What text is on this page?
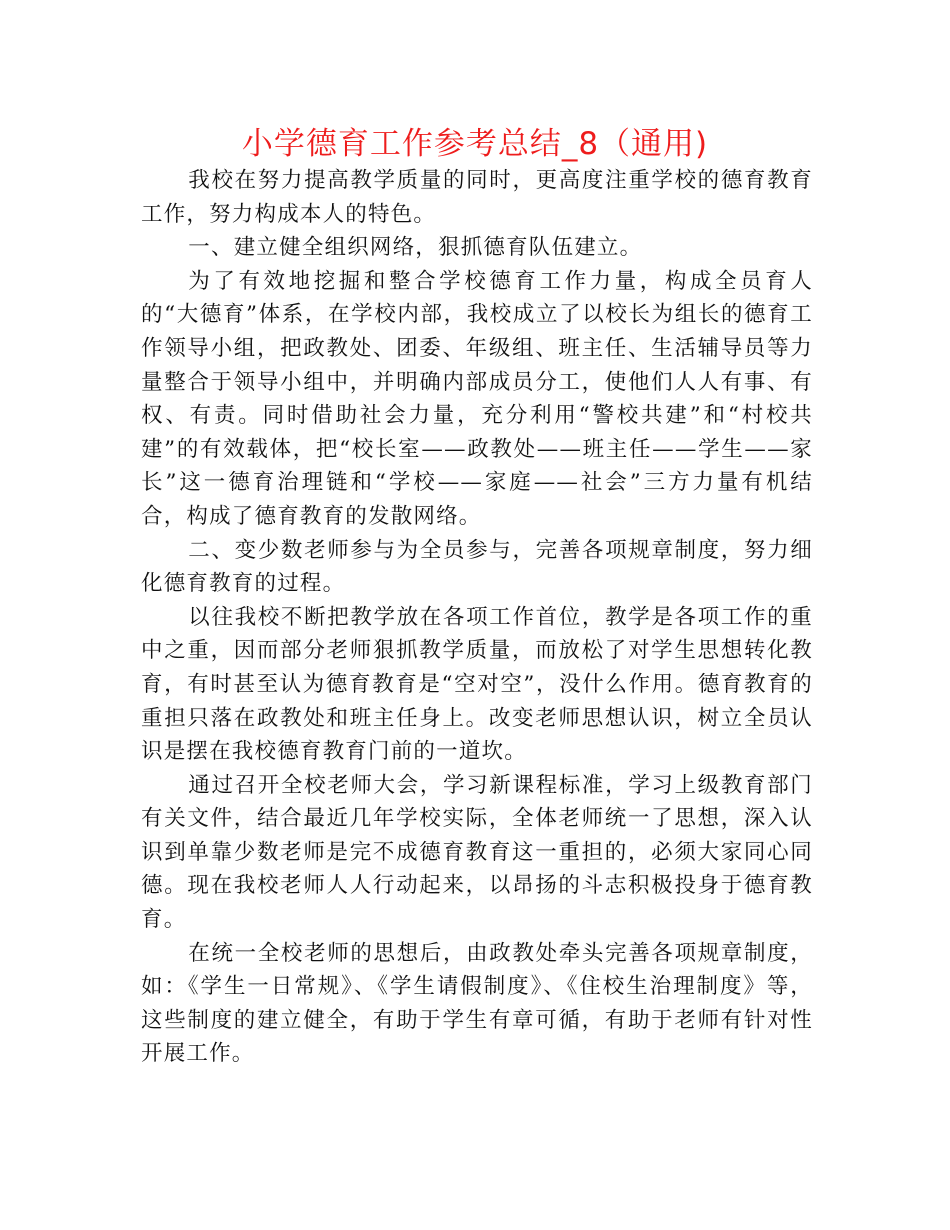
小学德育工作参考总结_8（通用)

我校在努力提高教学质量的同时，更高度注重学校的德育教育工作，努力构成本人的特色。

一、建立健全组织网络，狠抓德育队伍建立。

为了有效地挖掘和整合学校德育工作力量，构成全员育人的“大德育”体系，在学校内部，我校成立了以校长为组长的德育工作领导小组，把政教处、团委、年级组、班主任、生活辅导员等力量整合于领导小组中，并明确内部成员分工，使他们人人有事、有权、有责。同时借助社会力量，充分利用“警校共建”和“村校共建”的有效载体，把“校长室——政教处——班主任——学生——家长”这一德育治理链和“学校——家庭——社会”三方力量有机结合，构成了德育教育的发散网络。

二、变少数老师参与为全员参与，完善各项规章制度，努力细化德育教育的过程。

以往我校不断把教学放在各项工作首位，教学是各项工作的重中之重，因而部分老师狠抓教学质量，而放松了对学生思想转化教育，有时甚至认为德育教育是“空对空”，没什么作用。德育教育的重担只落在政教处和班主任身上。改变老师思想认识，树立全员认识是摆在我校德育教育门前的一道坎。

通过召开全校老师大会，学习新课程标准，学习上级教育部门有关文件，结合最近几年学校实际，全体老师统一了思想，深入认识到单靠少数老师是完不成德育教育这一重担的，必须大家同心同德。现在我校老师人人行动起来，以昂扬的斗志积极投身于德育教育。

在统一全校老师的思想后，由政教处牵头完善各项规章制度，如：《学生一日常规》、《学生请假制度》、《住校生治理制度》等，这些制度的建立健全，有助于学生有章可循，有助于老师有针对性开展工作。
